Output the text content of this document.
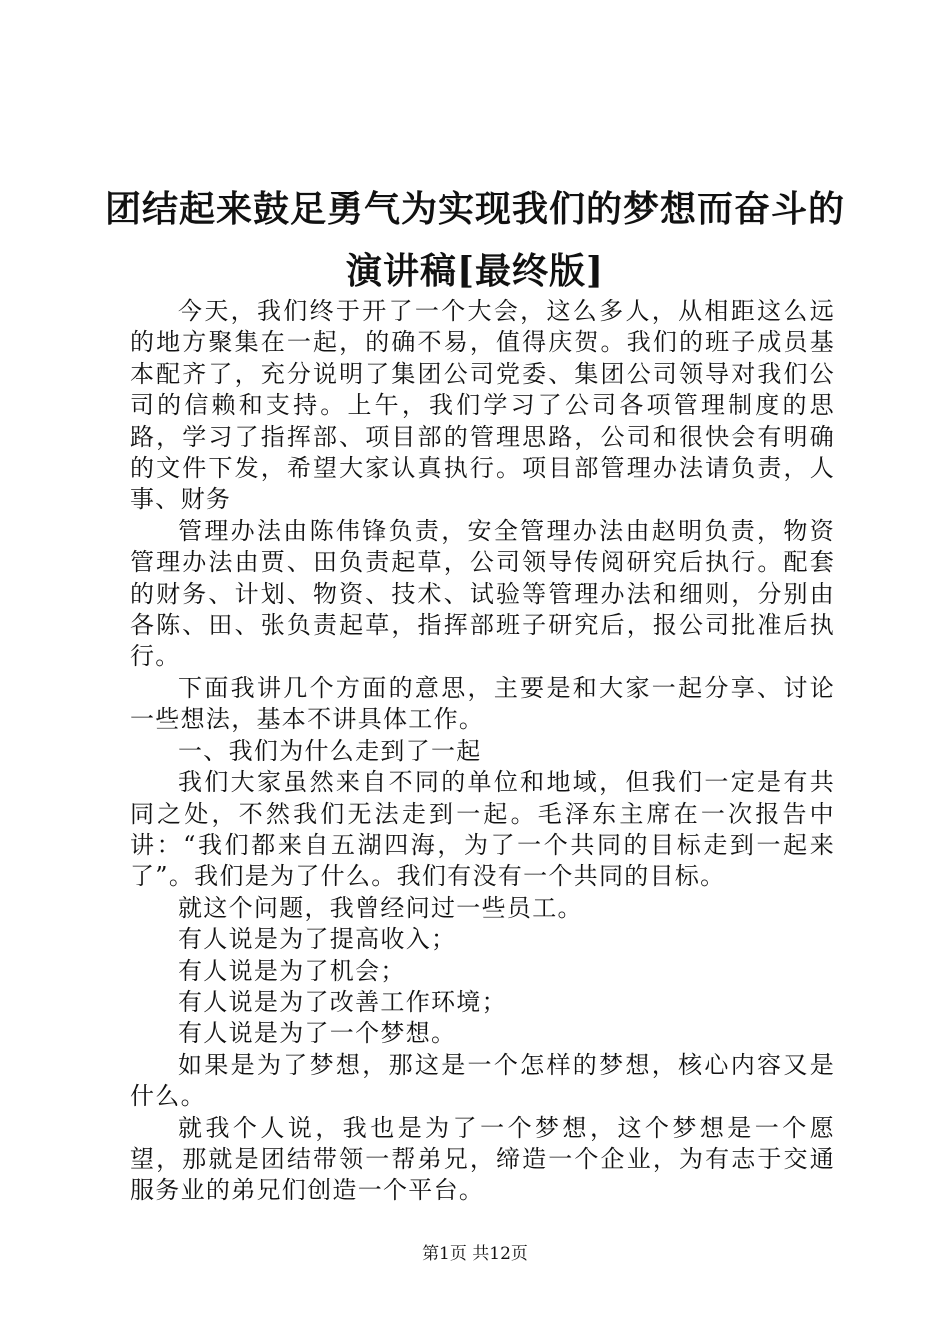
团结起来鼓足勇气为实现我们的梦想而奋斗的演讲稿[最终版]

今天，我们终于开了一个大会，这么多人，从相距这么远的地方聚集在一起，的确不易，值得庆贺。我们的班子成员基本配齐了，充分说明了集团公司党委、集团公司领导对我们公司的信赖和支持。上午，我们学习了公司各项管理制度的思路，学习了指挥部、项目部的管理思路，公司和很快会有明确的文件下发，希望大家认真执行。项目部管理办法请负责，人事、财务

管理办法由陈伟锋负责，安全管理办法由赵明负责，物资管理办法由贾、田负责起草，公司领导传阅研究后执行。配套的财务、计划、物资、技术、试验等管理办法和细则，分别由各陈、田、张负责起草，指挥部班子研究后，报公司批准后执行。

下面我讲几个方面的意思，主要是和大家一起分享、讨论一些想法，基本不讲具体工作。

一、我们为什么走到了一起

我们大家虽然来自不同的单位和地域，但我们一定是有共同之处，不然我们无法走到一起。毛泽东主席在一次报告中讲：“我们都来自五湖四海，为了一个共同的目标走到一起来了”。我们是为了什么。我们有没有一个共同的目标。

就这个问题，我曾经问过一些员工。

有人说是为了提高收入；

有人说是为了机会；

有人说是为了改善工作环境；

有人说是为了一个梦想。

如果是为了梦想，那这是一个怎样的梦想，核心内容又是什么。

就我个人说，我也是为了一个梦想，这个梦想是一个愿望，那就是团结带领一帮弟兄，缔造一个企业，为有志于交通服务业的弟兄们创造一个平台。

第1页 共12页
